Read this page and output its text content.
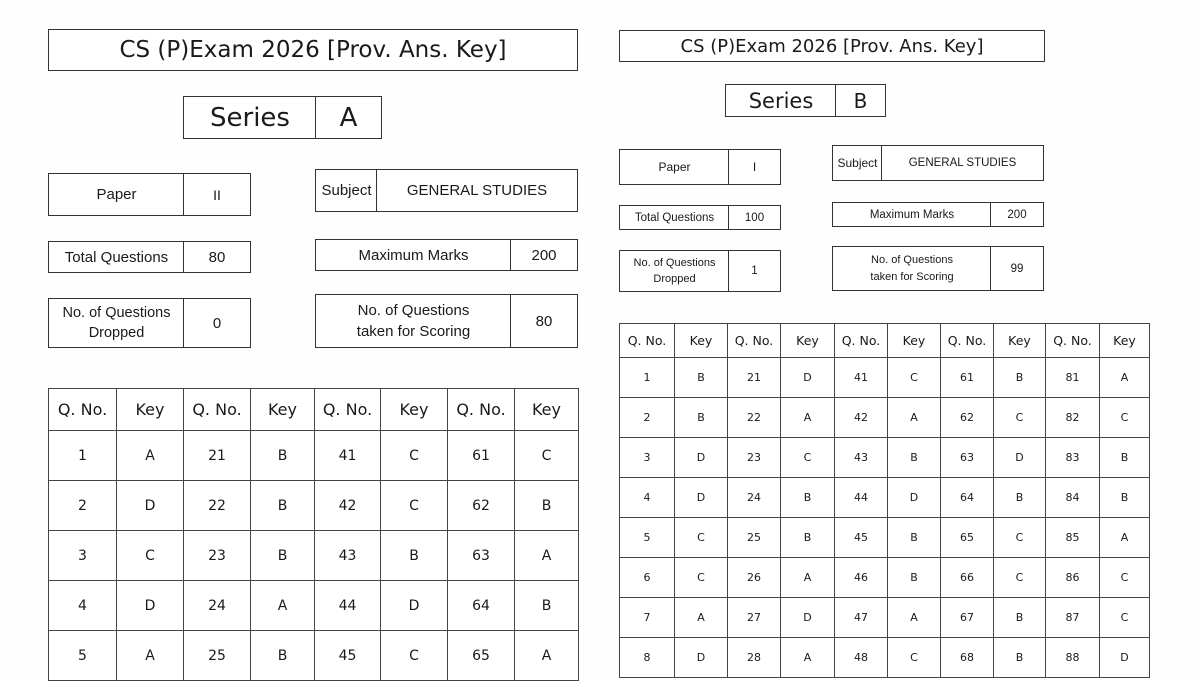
CS (P)Exam 2026 [Prov. Ans. Key]
Series A
Paper	II	Subject GENERAL STUDIES
Total Questions	80	Maximum Marks	200
No. of Questions Dropped
0
No. of Questions taken for Scoring
80
Q. No.	Key	Q. No.	Key	Q. No.	Key	Q. No.	Key
1	A	21	B	41	C	61	C
2	D	22	B	42	C	62	B
3	C	23	B	43	B	63	A
4	D	24	A	44	D	64	B
5	A	25	B	45	C	65	A
CS (P)Exam 2026 [Prov. Ans. Key]
Series B
Paper	I	Subject	GENERAL STUDIES
Total Questions	100	Maximum Marks	200
No. of Questions Dropped
1
No. of Questions taken for Scoring
99
Q. No.	Key	Q. No.	Key	Q. No.	Key	Q. No.	Key	Q. No.	Key
1	B	21	D	41	C	61	B	81	A
2	B	22	A	42	A	62	C	82	C
3	D	23	C	43	B	63	D	83	B
4	D	24	B	44	D	64	B	84	B
5	C	25	B	45	B	65	C	85	A
6	C	26	A	46	B	66	C	86	C
7	A	27	D	47	A	67	B	87	C
8	D	28	A	48	C	68	B	88	D
